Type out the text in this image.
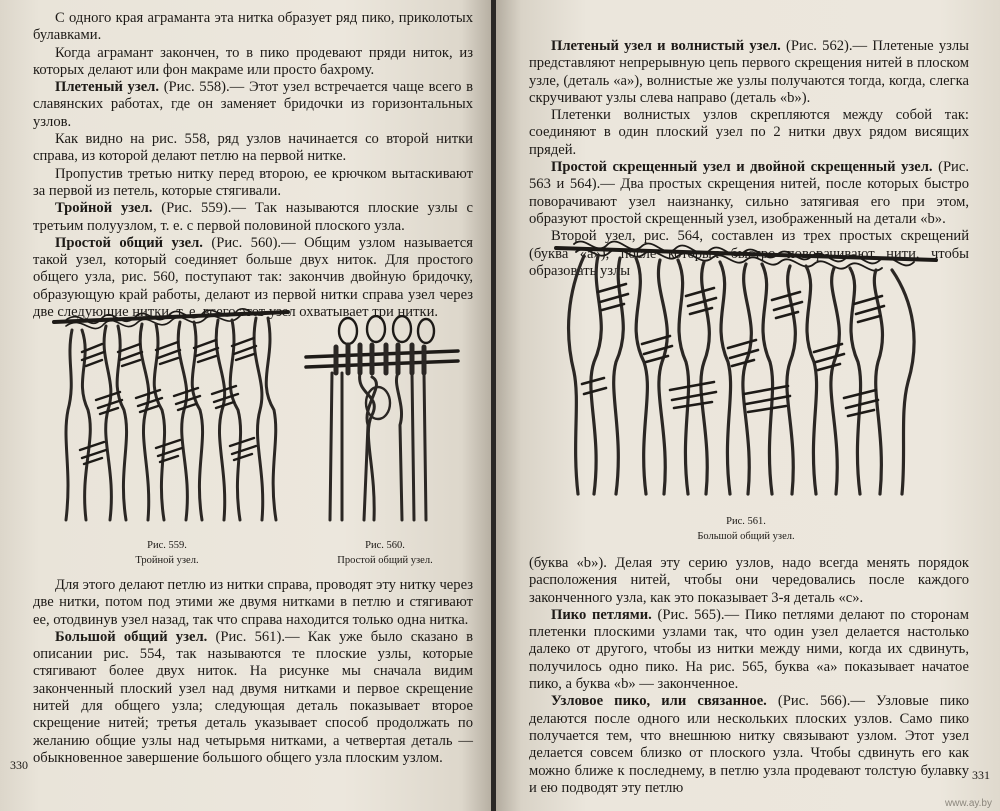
С одного края аграманта эта нитка образует ряд пико, приколотых булавками.

Когда аграмант закончен, то в пико продевают пряди ниток, из которых делают или фон макраме или просто бахрому.

Плетеный узел. (Рис. 558).— Этот узел встречается чаще всего в славянских работах, где он заменяет бридочки из горизонтальных узлов.

Как видно на рис. 558, ряд узлов начинается со второй нитки справа, из которой делают петлю на первой нитке.

Пропустив третью нитку перед второю, ее крючком вытаскивают за первой из петель, которые стягивали.

Тройной узел. (Рис. 559).— Так называются плоские узлы с третьим полуузлом, т. е. с первой половиной плоского узла.

Простой общий узел. (Рис. 560).— Общим узлом называется такой узел, который соединяет больше двух ниток. Для простого общего узла, рис. 560, поступают так: закончив двойную бридочку, образующую край работы, делают из первой нитки справа узел через две следующие нитки, т. е. всего этот узел охватывает три нитки.

Рис. 559.
Тройной узел.
Рис. 560.
Простой общий узел.

Для этого делают петлю из нитки справа, проводят эту нитку через две нитки, потом под этими же двумя нитками в петлю и стягивают ее, отодвинув узел назад, так что справа находится только одна нитка.

Большой общий узел. (Рис. 561).— Как уже было сказано в описании рис. 554, так называются те плоские узлы, которые стягивают более двух ниток. На рисунке мы сначала видим законченный плоский узел над двумя нитками и первое скрещение нитей для общего узла; следующая деталь показывает второе скрещение нитей; третья деталь указывает способ продолжать по желанию общие узлы над четырьмя нитками, а четвертая деталь — обыкновенное завершение большого общего узла плоским узлом.

330

Плетеный узел и волнистый узел. (Рис. 562).— Плетеные узлы представляют непрерывную цепь первого скрещения нитей в плоском узле, (деталь «а»), волнистые же узлы получаются тогда, когда, слегка скручивают узлы слева направо (деталь «b»).

Плетенки волнистых узлов скрепляются между собой так: соединяют в один плоский узел по 2 нитки двух рядом висящих прядей.

Простой скрещенный узел и двойной скрещенный узел. (Рис. 563 и 564).— Два простых скрещения нитей, после которых быстро поворачивают узел наизнанку, сильно затягивая его при этом, образуют простой скрещенный узел, изображенный на детали «b».

Второй узел, рис. 564, составлен из трех простых скрещений (буква «а»), после которых быстро поворачивают нити, чтобы образовать узлы

Рис. 561.
Большой общий узел.

(буква «b»). Делая эту серию узлов, надо всегда менять порядок расположения нитей, чтобы они чередовались после каждого законченного узла, как это показывает 3-я деталь «c».

Пико петлями. (Рис. 565).— Пико петлями делают по сторонам плетенки плоскими узлами так, что один узел делается настолько далеко от другого, чтобы из нитки между ними, когда их сдвинуть, получилось одно пико. На рис. 565, буква «а» показывает начатое пико, а буква «b» — законченное.

Узловое пико, или связанное. (Рис. 566).— Узловые пико делаются после одного или нескольких плоских узлов. Само пико получается тем, что внешнюю нитку связывают узлом. Этот узел делается совсем близко от плоского узла. Чтобы сдвинуть его как можно ближе к последнему, в петлю узла продевают толстую булавку и ею подводят эту петлю

331
www.ay.by
